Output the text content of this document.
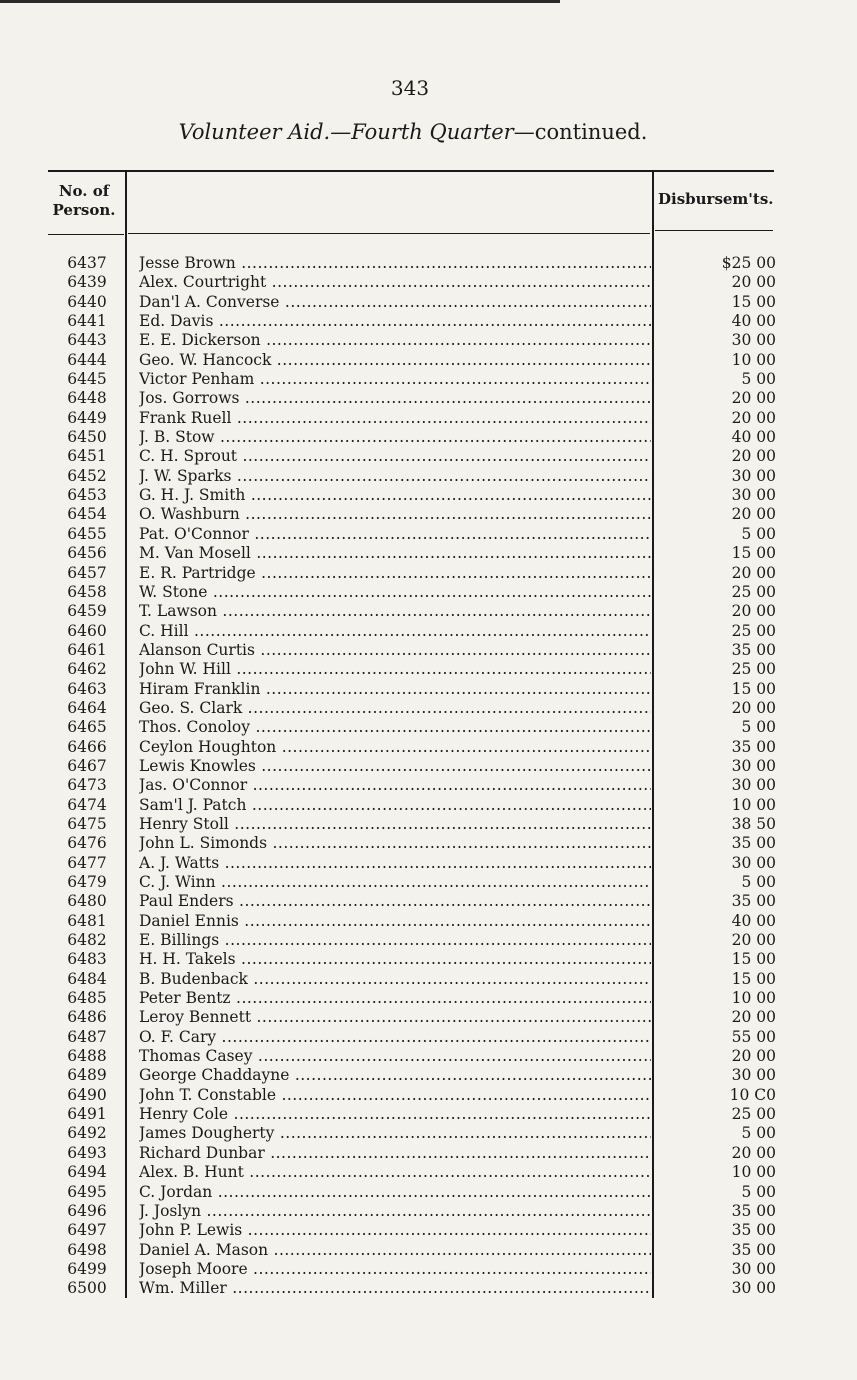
343
Volunteer Aid.—Fourth Quarter—continued.
No. of
Person.
Disbursem'ts.
6437	Jesse Brown .....	$25 00
6439	Alex. Courtright .....	20 00
6440	Dan'l A. Converse .....	15 00
6441	Ed. Davis .....	40 00
6443	E. E. Dickerson .....	30 00
6444	Geo. W. Hancock .....	10 00
6445	Victor Penham .....	5 00
6448	Jos. Gorrows .....	20 00
6449	Frank Ruell .....	20 00
6450	J. B. Stow .....	40 00
6451	C. H. Sprout .....	20 00
6452	J. W. Sparks .....	30 00
6453	G. H. J. Smith .....	30 00
6454	O. Washburn .....	20 00
6455	Pat. O'Connor .....	5 00
6456	M. Van Mosell .....	15 00
6457	E. R. Partridge .....	20 00
6458	W. Stone .....	25 00
6459	T. Lawson .....	20 00
6460	C. Hill .....	25 00
6461	Alanson Curtis .....	35 00
6462	John W. Hill .....	25 00
6463	Hiram Franklin .....	15 00
6464	Geo. S. Clark .....	20 00
6465	Thos. Conoloy .....	5 00
6466	Ceylon Houghton .....	35 00
6467	Lewis Knowles .....	30 00
6473	Jas. O'Connor .....	30 00
6474	Sam'l J. Patch .....	10 00
6475	Henry Stoll .....	38 50
6476	John L. Simonds .....	35 00
6477	A. J. Watts .....	30 00
6479	C. J. Winn .....	5 00
6480	Paul Enders .....	35 00
6481	Daniel Ennis .....	40 00
6482	E. Billings .....	20 00
6483	H. H. Takels .....	15 00
6484	B. Budenback .....	15 00
6485	Peter Bentz .....	10 00
6486	Leroy Bennett .....	20 00
6487	O. F. Cary .....	55 00
6488	Thomas Casey .....	20 00
6489	George Chaddayne .....	30 00
6490	John T. Constable .....	10 C0
6491	Henry Cole .....	25 00
6492	James Dougherty .....	5 00
6493	Richard Dunbar .....	20 00
6494	Alex. B. Hunt .....	10 00
6495	C. Jordan .....	5 00
6496	J. Joslyn .....	35 00
6497	John P. Lewis .....	35 00
6498	Daniel A. Mason .....	35 00
6499	Joseph Moore .....	30 00
6500	Wm. Miller .....	30 00
